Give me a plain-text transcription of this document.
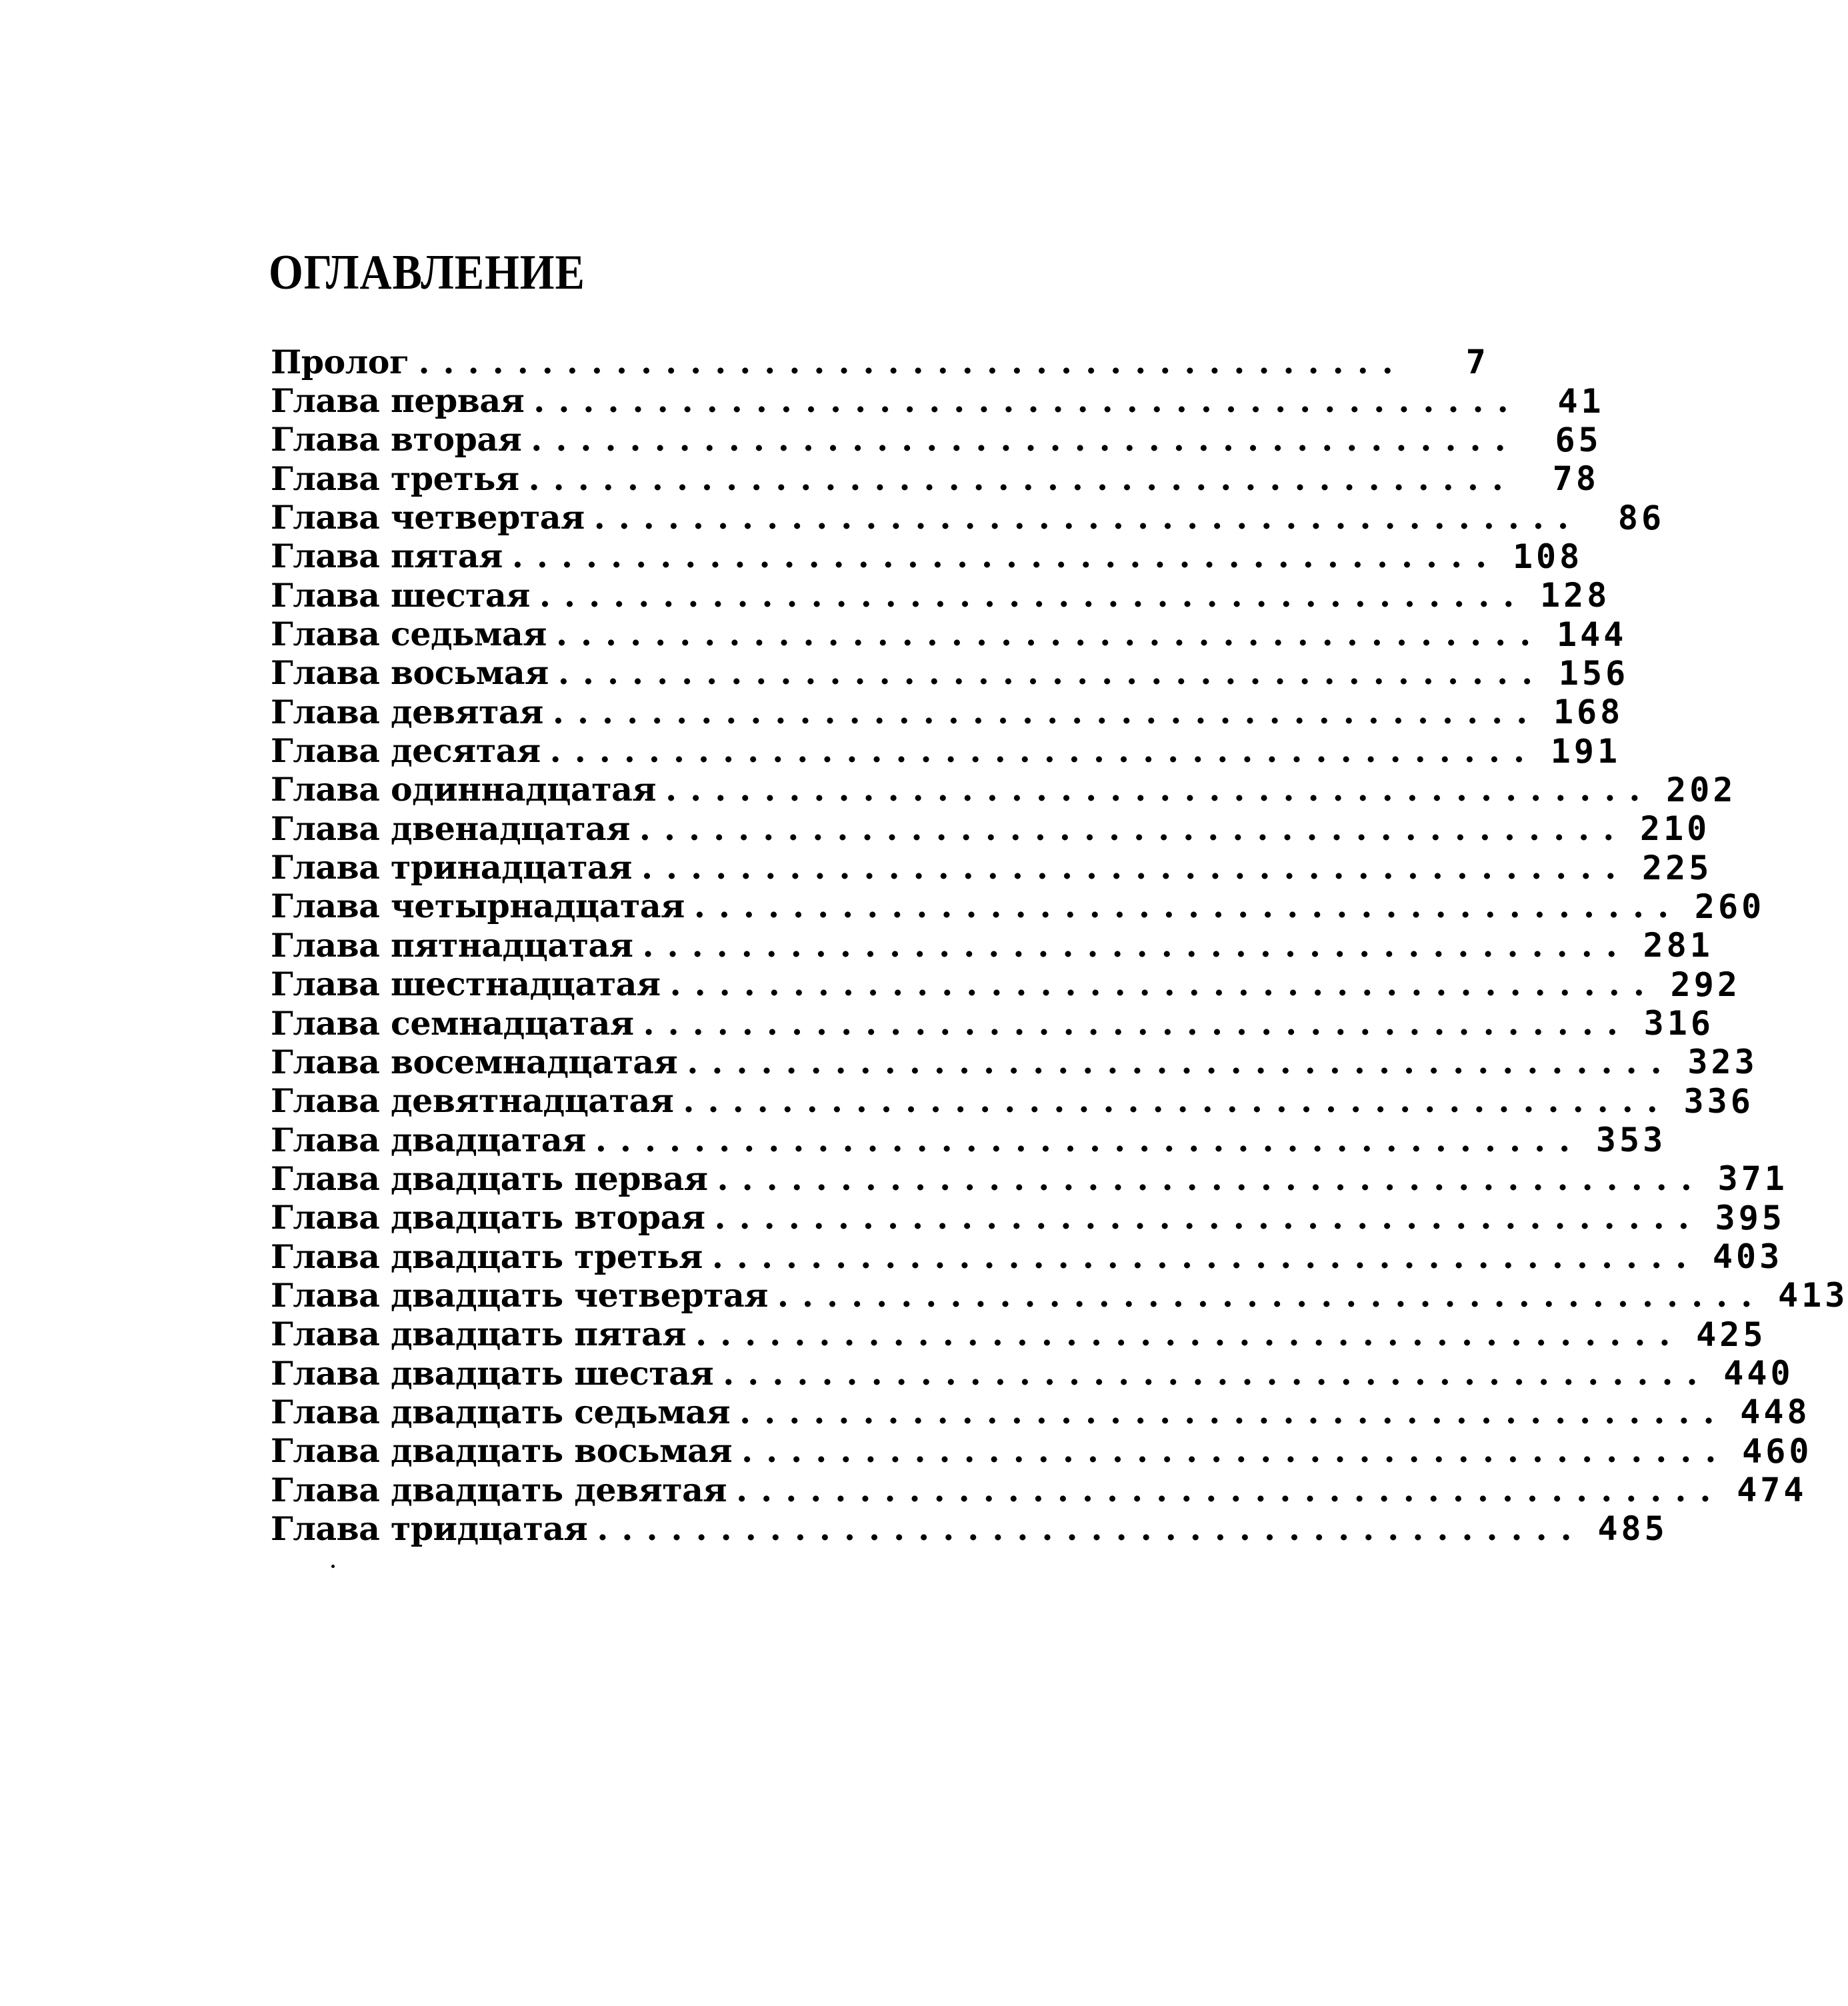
ОГЛАВЛЕНИЕ
Пролог ........................................	7
Глава первая ........................................	41
Глава вторая ........................................	65
Глава третья ........................................	78
Глава четвертая ........................................	86
Глава пятая ........................................ 108
Глава шестая ........................................ 128
Глава седьмая ........................................ 144
Глава восьмая ........................................ 156
Глава девятая ........................................ 168
Глава десятая ........................................ 191
Глава одиннадцатая ........................................ 202
Глава двенадцатая ........................................ 210
Глава тринадцатая ........................................ 225
Глава четырнадцатая ........................................ 260
Глава пятнадцатая ........................................ 281
Глава шестнадцатая ........................................ 292
Глава семнадцатая ........................................ 316
Глава восемнадцатая ........................................ 323
Глава девятнадцатая ........................................ 336
Глава двадцатая ........................................ 353
Глава двадцать первая ........................................ 371
Глава двадцать вторая ........................................ 395
Глава двадцать третья ........................................ 403
Глава двадцать четвертая ........................................ 413
Глава двадцать пятая ........................................ 425
Глава двадцать шестая ........................................ 440
Глава двадцать седьмая ........................................ 448
Глава двадцать восьмая ........................................ 460
Глава двадцать девятая ........................................ 474
Глава тридцатая ........................................ 485
